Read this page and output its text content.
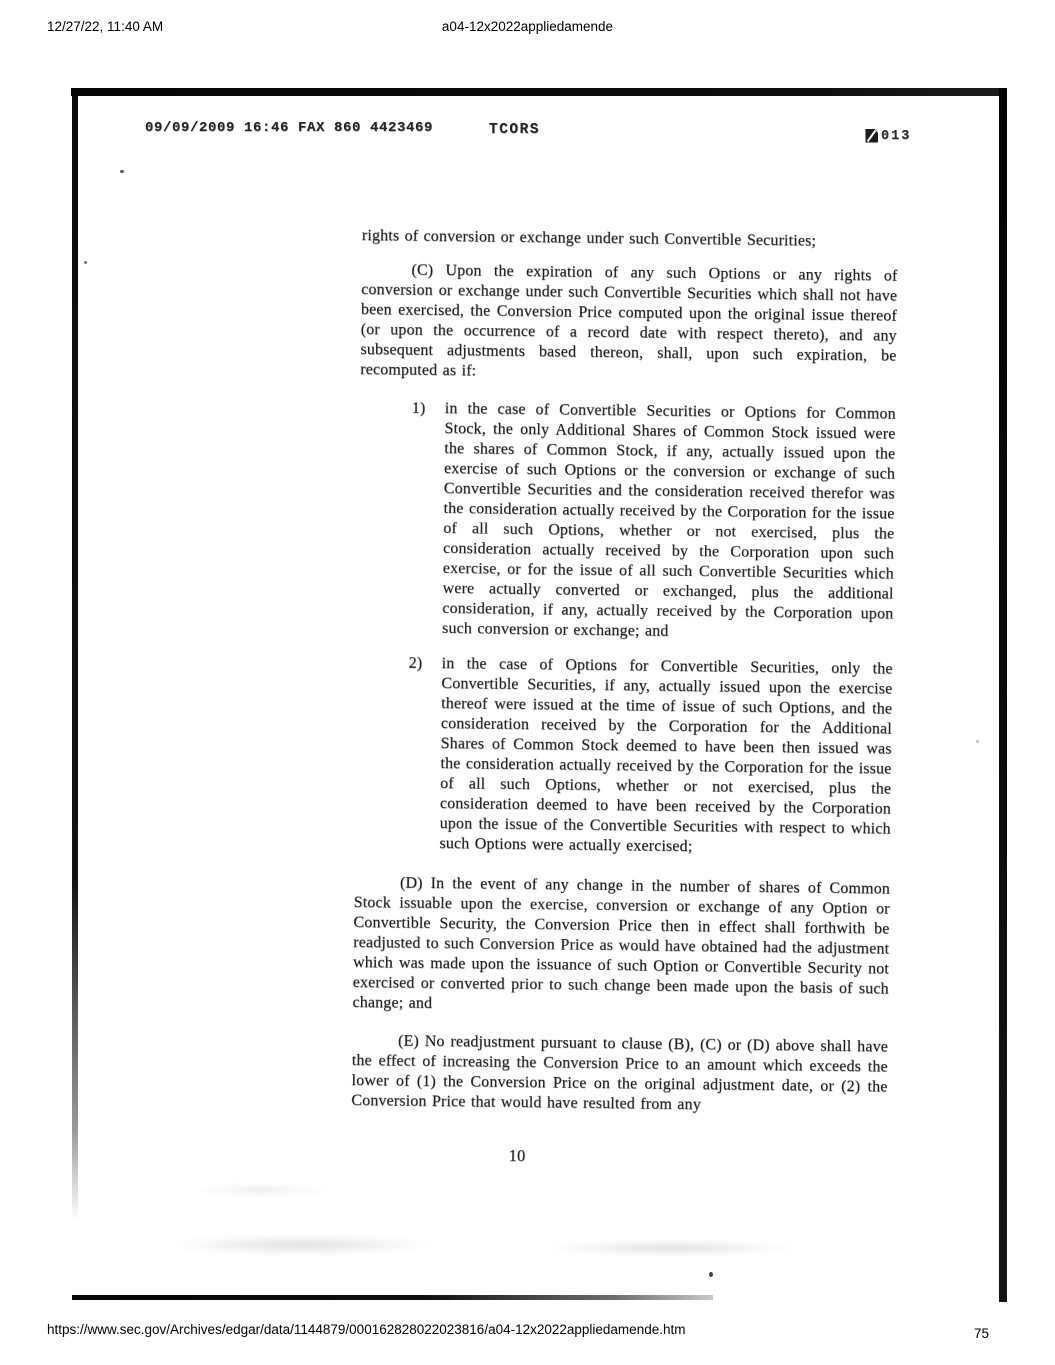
12/27/22, 11:40 AM	a04-12x2022appliedamende
09/09/2009 16:46 FAX 860 4423469	TCORS	013

rights of conversion or exchange under such Convertible Securities;

(C) Upon the expiration of any such Options or any rights of conversion or exchange under such Convertible Securities which shall not have been exercised, the Conversion Price computed upon the original issue thereof (or upon the occurrence of a record date with respect thereto), and any subsequent adjustments based thereon, shall, upon such expiration, be recomputed as if:

1) in the case of Convertible Securities or Options for Common Stock, the only Additional Shares of Common Stock issued were the shares of Common Stock, if any, actually issued upon the exercise of such Options or the conversion or exchange of such Convertible Securities and the consideration received therefor was the consideration actually received by the Corporation for the issue of all such Options, whether or not exercised, plus the consideration actually received by the Corporation upon such exercise, or for the issue of all such Convertible Securities which were actually converted or exchanged, plus the additional consideration, if any, actually received by the Corporation upon such conversion or exchange; and

2) in the case of Options for Convertible Securities, only the Convertible Securities, if any, actually issued upon the exercise thereof were issued at the time of issue of such Options, and the consideration received by the Corporation for the Additional Shares of Common Stock deemed to have been then issued was the consideration actually received by the Corporation for the issue of all such Options, whether or not exercised, plus the consideration deemed to have been received by the Corporation upon the issue of the Convertible Securities with respect to which such Options were actually exercised;

(D) In the event of any change in the number of shares of Common Stock issuable upon the exercise, conversion or exchange of any Option or Convertible Security, the Conversion Price then in effect shall forthwith be readjusted to such Conversion Price as would have obtained had the adjustment which was made upon the issuance of such Option or Convertible Security not exercised or converted prior to such change been made upon the basis of such change; and

(E) No readjustment pursuant to clause (B), (C) or (D) above shall have the effect of increasing the Conversion Price to an amount which exceeds the lower of (1) the Conversion Price on the original adjustment date, or (2) the Conversion Price that would have resulted from any

10
https://www.sec.gov/Archives/edgar/data/1144879/000162828022023816/a04-12x2022appliedamende.htm	75
